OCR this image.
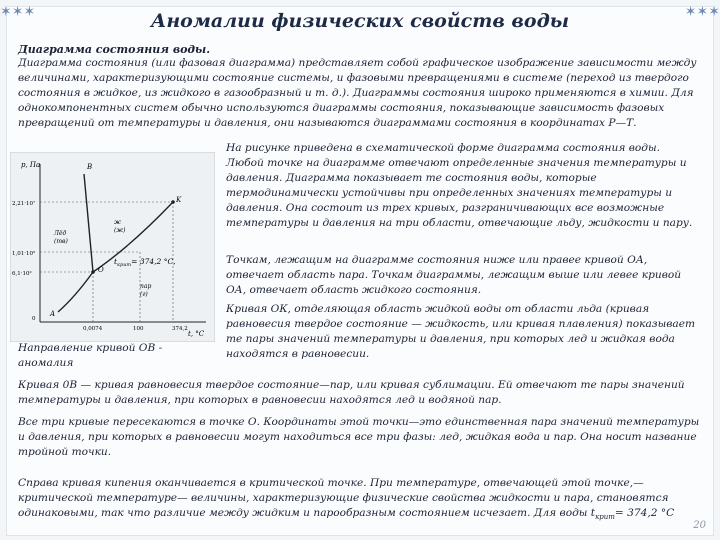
✶✶✶	✶✶✶
Аномалии физических свойств воды
Диаграмма состояния воды.
Диаграмма состояния (или фазовая диаграмма) представляет собой графическое изображение зависимости между величинами, характеризующими состояние системы, и фазовыми превращениями в системе (переход из твердого состояния в жидкое, из жидкого в газообразный и т. д.). Диаграммы состояния широко применяются в химии. Для однокомпонентных систем обычно используются диаграммы состояния, показывающие зависимость фазовых превращений от температуры и давления, они называются диаграммами состояния в координатах Р—Т.
p, Па
t, °C
2,21·10⁷
1,01·10⁵
6,1·10²
0
0,0074	100	374,2
B
K
O
A
Лёд
(тв)
ж
(ж)
пар
(г)
$t_{крит}= 374,2$ °С,
На рисунке приведена в схематической форме диаграмма состояния воды. Любой точке на диаграмме отвечают определенные значения температуры и давления. Диаграмма показывает те состояния воды, которые термодинамически устойчивы при определенных значениях температуры и давления. Она состоит из трех кривых, разграничивающих все возможные температуры и давления на три области, отвечающие льду, жидкости и пару.
Точкам, лежащим на диаграмме состояния ниже или правее кривой ОА, отвечает область пара. Точкам диаграммы, лежащим выше или левее кривой ОА, отвечает область жидкого состояния.
Кривая ОК, отделяющая область жидкой воды от области льда (кривая равновесия твердое состояние — жидкость, или кривая плавления) показывает те пары значений температуры и давления, при которых лед и жидкая вода находятся в равновесии.
Направление кривой ОВ - аномалия
Кривая 0В — кривая равновесия твердое состояние—пар, или кривая сублимации. Ей отвечают те пары значений температуры и давления, при которых в равновесии находятся лед и водяной пар.
Все три кривые пересекаются в точке О. Координаты этой точки—это единственная пара значений температуры и давления, при которых в равновесии могут находиться все три фазы: лед, жидкая вода и пар. Она носит название тройной точки.
Справа кривая кипения оканчивается в критической точке. При температуре, отвечающей этой точке,— критической температуре— величины, характеризующие физические свойства жидкости и пара, становятся одинаковыми, так что различие между жидким и парообразным состоянием исчезает. Для воды $t_{крит}= 374,2$ °С
20
